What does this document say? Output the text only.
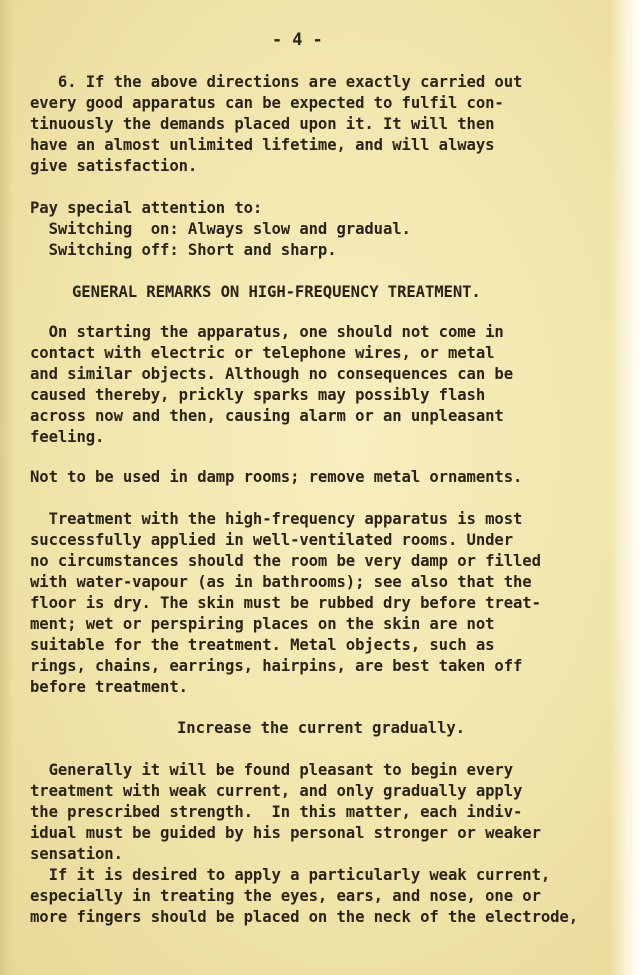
- 4 -
6. If the above directions are exactly carried out
every good apparatus can be expected to fulfil con-
tinuously the demands placed upon it. It will then
have an almost unlimited lifetime, and will always
give satisfaction.
Pay special attention to:
Switching  on: Always slow and gradual.
Switching off: Short and sharp.
GENERAL REMARKS ON HIGH-FREQUENCY TREATMENT.
On starting the apparatus, one should not come in
contact with electric or telephone wires, or metal
and similar objects. Although no consequences can be
caused thereby, prickly sparks may possibly flash
across now and then, causing alarm or an unpleasant
feeling.
Not to be used in damp rooms; remove metal ornaments.
Treatment with the high-frequency apparatus is most
successfully applied in well-ventilated rooms. Under
no circumstances should the room be very damp or filled
with water-vapour (as in bathrooms); see also that the
floor is dry. The skin must be rubbed dry before treat-
ment; wet or perspiring places on the skin are not
suitable for the treatment. Metal objects, such as
rings, chains, earrings, hairpins, are best taken off
before treatment.
Increase the current gradually.
Generally it will be found pleasant to begin every
treatment with weak current, and only gradually apply
the prescribed strength.  In this matter, each indiv-
idual must be guided by his personal stronger or weaker
sensation.
If it is desired to apply a particularly weak current,
especially in treating the eyes, ears, and nose, one or
more fingers should be placed on the neck of the electrode,
